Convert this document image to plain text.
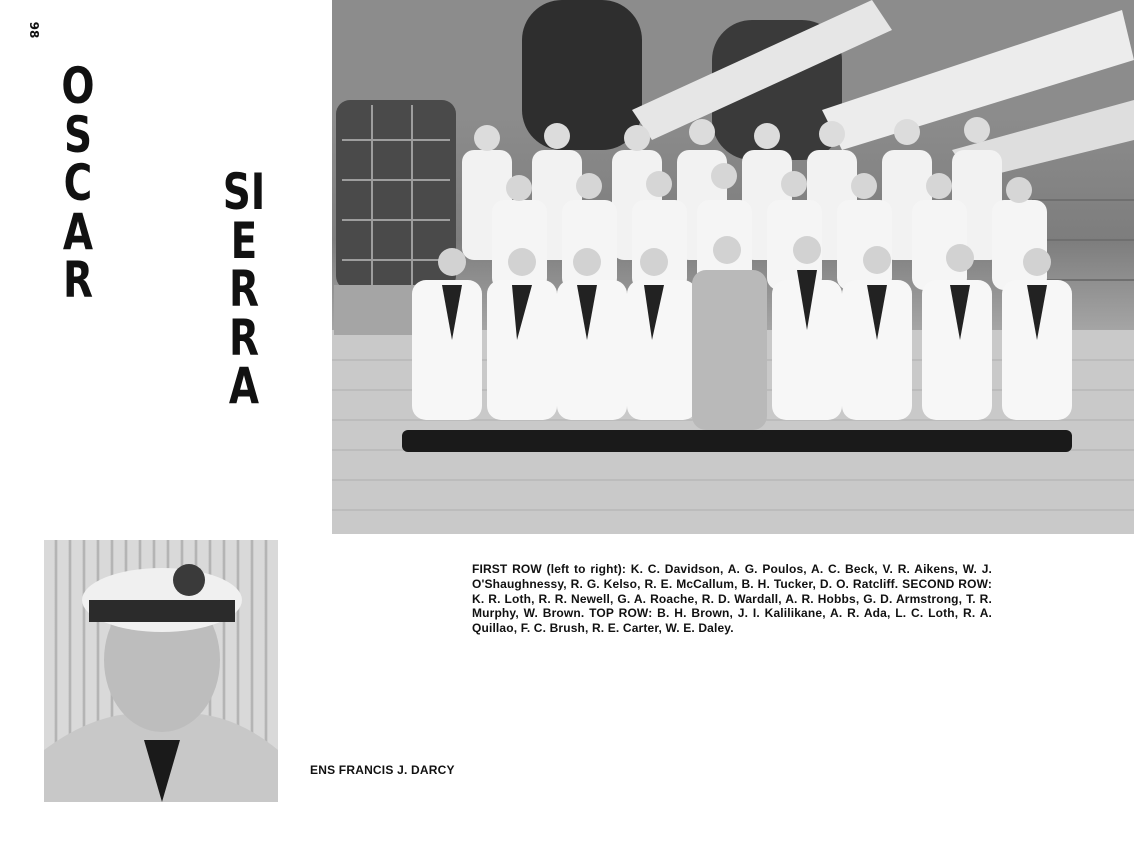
98
OSCAR
SIERRA
FIRST ROW (left to right): K. C. Davidson, A. G. Poulos, A. C. Beck, V. R. Aikens, W. J. O'Shaughnessy, R. G. Kelso, R. E. McCallum, B. H. Tucker, D. O. Ratcliff. SECOND ROW: K. R. Loth, R. R. Newell, G. A. Roache, R. D. Wardall, A. R. Hobbs, G. D. Armstrong, T. R. Murphy, W. Brown. TOP ROW: B. H. Brown, J. I. Kalilikane, A. R. Ada, L. C. Loth, R. A. Quillao, F. C. Brush, R. E. Carter, W. E. Daley.
ENS FRANCIS J. DARCY
